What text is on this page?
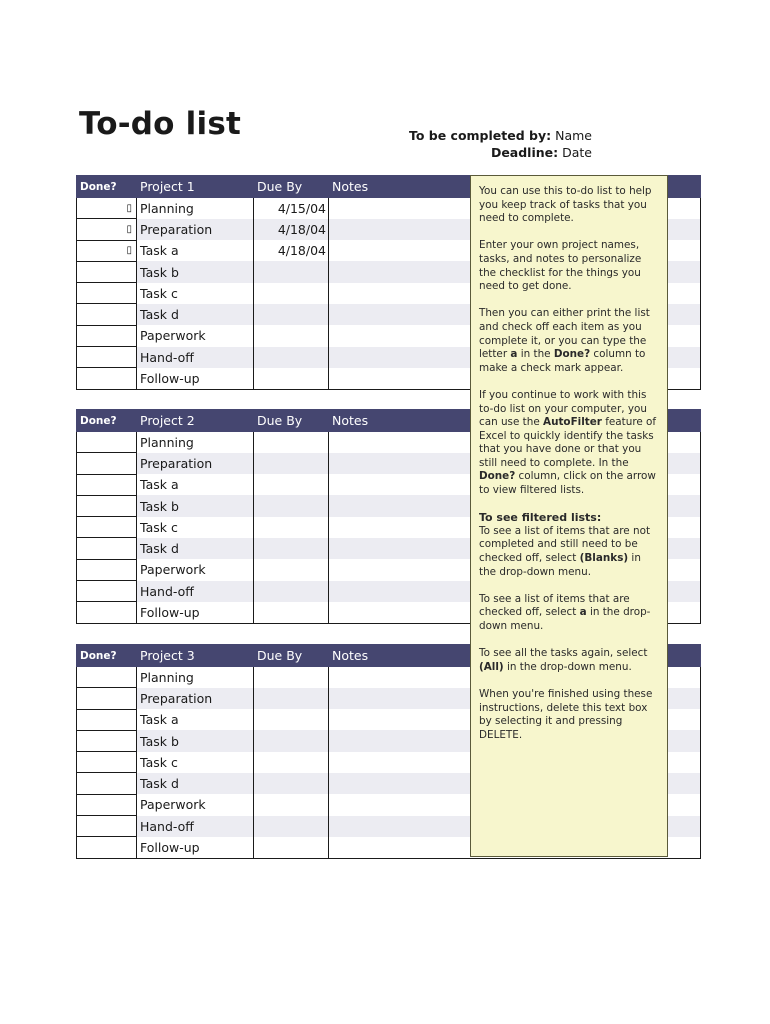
To-do list	To be completed by: Name
Deadline: Date
Done?	Project 1	Due By	Notes
▯	Planning	4/15/04	
▯	Preparation	4/18/04	
▯	Task a	4/18/04	
	Task b		
	Task c		
	Task d		
	Paperwork		
	Hand-off		
	Follow-up		
Done?	Project 2	Due By	Notes
	Planning		
	Preparation		
	Task a		
	Task b		
	Task c		
	Task d		
	Paperwork		
	Hand-off		
	Follow-up		
Done?	Project 3	Due By	Notes
	Planning		
	Preparation		
	Task a		
	Task b		
	Task c		
	Task d		
	Paperwork		
	Hand-off		
	Follow-up		

You can use this to-do list to help you keep track of tasks that you need to complete.

Enter your own project names, tasks, and notes to personalize the checklist for the things you need to get done.

Then you can either print the list and check off each item as you complete it, or you can type the letter a in the Done? column to make a check mark appear.

If you continue to work with this to-do list on your computer, you can use the AutoFilter feature of Excel to quickly identify the tasks that you have done or that you still need to complete. In the Done? column, click on the arrow to view filtered lists.

To see filtered lists:

To see a list of items that are not completed and still need to be checked off, select (Blanks) in the drop-down menu.

To see a list of items that are checked off, select a in the drop-down menu.

To see all the tasks again, select (All) in the drop-down menu.

When you're finished using these instructions, delete this text box by selecting it and pressing DELETE.
